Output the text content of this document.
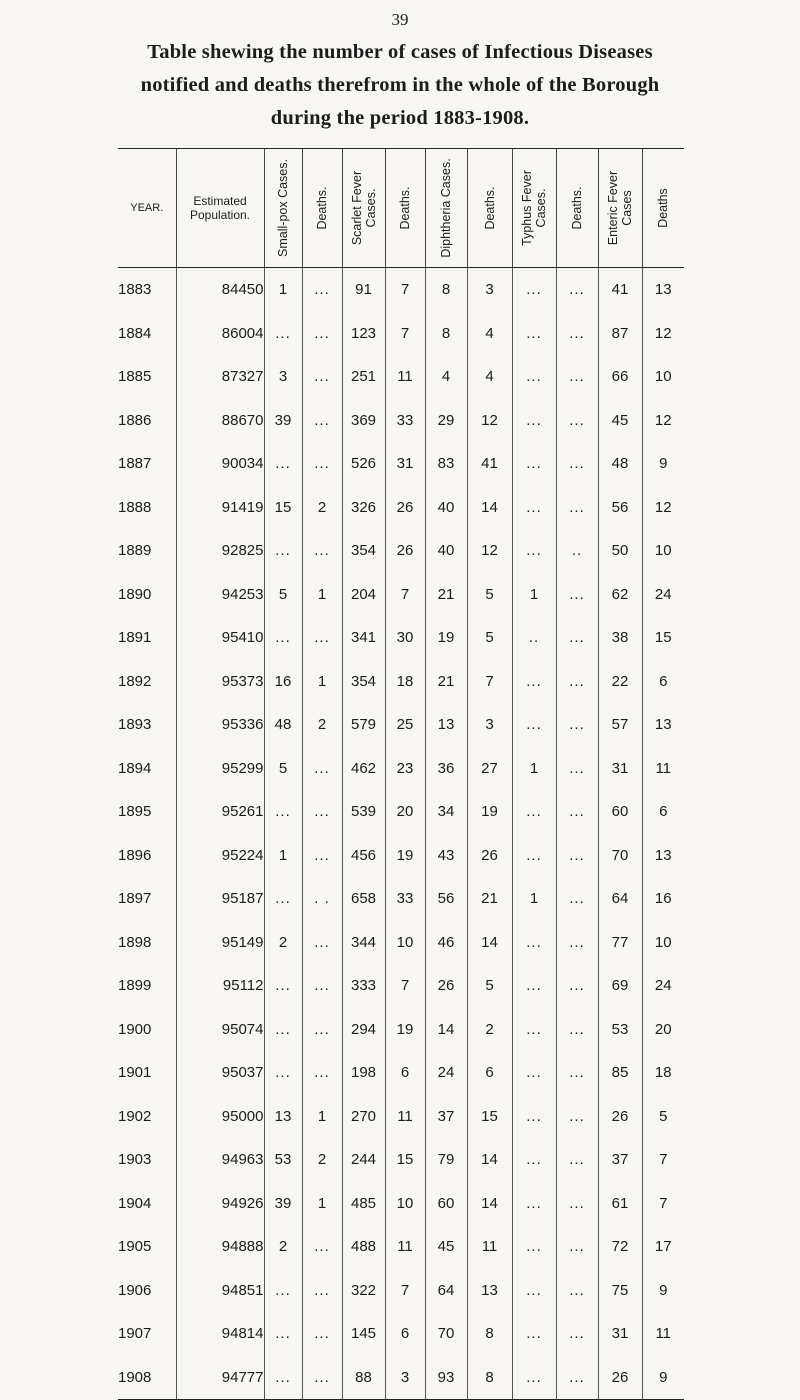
39
Table shewing the number of cases of Infectious Diseases
notified and deaths therefrom in the whole of the Borough
during the period 1883-1908.
YEAR.	Estimated Population.	Small-pox Cases.	Deaths.	Scarlet Fever Cases.	Deaths.	Diphtheria Cases.	Deaths.	Typhus Fever Cases.	Deaths.	Enteric Fever Cases	Deaths

1883	84450	1	...	91	7	8	3	...	...	41	13
1884	86004	...	...	123	7	8	4	...	...	87	12
1885	87327	3	...	251	11	4	4	...	...	66	10
1886	88670	39	...	369	33	29	12	...	...	45	12
1887	90034	...	...	526	31	83	41	...	...	48	9
1888	91419	15	2	326	26	40	14	...	...	56	12
1889	92825	...	...	354	26	40	12	...	..	50	10
1890	94253	5	1	204	7	21	5	1	...	62	24
1891	95410	...	...	341	30	19	5	..	...	38	15
1892	95373	16	1	354	18	21	7	...	...	22	6
1893	95336	48	2	579	25	13	3	...	...	57	13
1894	95299	5	...	462	23	36	27	1	...	31	11
1895	95261	...	...	539	20	34	19	...	...	60	6
1896	95224	1	...	456	19	43	26	...	...	70	13
1897	95187	...	. .	658	33	56	21	1	...	64	16
1898	95149	2	...	344	10	46	14	...	...	77	10
1899	95112	...	...	333	7	26	5	...	...	69	24
1900	95074	...	...	294	19	14	2	...	...	53	20
1901	95037	...	...	198	6	24	6	...	...	85	18
1902	95000	13	1	270	11	37	15	...	...	26	5
1903	94963	53	2	244	15	79	14	...	...	37	7
1904	94926	39	1	485	10	60	14	...	...	61	7
1905	94888	2	...	488	11	45	11	...	...	72	17
1906	94851	...	...	322	7	64	13	...	...	75	9
1907	94814	...	...	145	6	70	8	...	...	31	11
1908	94777	...	...	88	3	93	8	...	...	26	9
